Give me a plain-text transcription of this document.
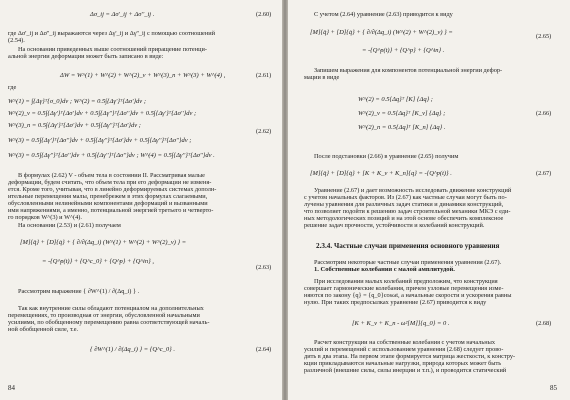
Δσ_ij = Δσ'_ij + Δσ''_ij .	(2.60)
где Δσ'_ij и Δσ''_ij выражаются через Δγ'_ij и Δγ''_ij с помощью соотношений
(2.54).
На основании приведенных выше соотношений приращение потенци-
альной энергии деформации может быть записано в виде:
ΔW = W^(1) + W^(2) + W^(2)_v + W^(3)_n + W^(3) + W^(4) ,	(2.61)
где
W^(1) = ∫{Δγ}ᵀ{σ_0}dv ; W^(2) = 0.5∫{Δγ'}ᵀ{Δσ'}dv ;
W^(2)_v = 0.5∫{Δγ'}ᵀ{Δσ'}dv + 0.5∫{Δγ''}ᵀ{Δσ''}dv + 0.5∫{Δγ'}ᵀ{Δσ''}dv ;
W^(3)_n = 0.5∫{Δγ'}ᵀ{Δσ'}dv + 0.5∫{Δγ''}ᵀ{Δσ'}dv ;
(2.62)
W^(3) = 0.5∫{Δγ'}ᵀ{Δσ''}dv + 0.5∫{Δγ''}ᵀ{Δσ'}dv + 0.5∫{Δγ''}ᵀ{Δσ''}dv ;
W^(3) = 0.5∫{Δγ''}ᵀ{Δσ''}dv + 0.5∫{Δγ''}ᵀ{Δσ''}dv ; W^(4) = 0.5∫{Δγ''}ᵀ{Δσ''}dv .
В формулах (2.62) V - объем тела в состоянии II. Рассматривая малые
деформации, будем считать, что объем тела при его деформации не изменя-
ется. Кроме того, учитывая, что в линейно деформируемых системах дополн-
ительные перемещения малы, пренебрежем в этих формулах слагаемыми,
обусловленными нелинейными компонентами деформаций и вызванными
ими напряжениями, а именно, потенциальной энергией третьего и четверто-
го порядков W^(3) и W^(4).
На основании (2.53) и (2.61) получаем
[M]{q̈} + [D]{q̇} + { ∂/∂(Δq_i) (W^(1) + W^(2) + W^(2)_v) } =
= -{Q^p(t)} + {Q^c_0} + {Q^p} + {Q^in} ,
(2.63)
Рассмотрим выражение { ∂W^(1) / ∂(Δq_i) } .
Так как внутренние силы обладают потенциалом на дополнительных
перемещениях, то производная от энергии, обусловленной начальными
усилиями, по обобщенному перемещению равна соответствующей началь-
ной обобщенной силе, т.е.
{ ∂W^(1) / ∂(Δq_i) } = {Q^c_0} .	(2.64)
84
С учетом (2.64) уравнение (2.63) приводится к виду
[M]{q̈} + [D]{q̇} + { ∂/∂(Δq_i) (W^(2) + W^(2)_v) } =
(2.65)
= -{Q^p(t)} + {Q^p} + {Q^in} .
Запишем выражения для компонентов потенциальной энергии дефор-
мации в виде
W^(2) = 0.5{Δq}ᵀ [K] {Δq} ;
W^(2)_v = 0.5{Δq}ᵀ [K_v] {Δq} ;	(2.66)
W^(2)_n = 0.5{Δq}ᵀ [K_n] {Δq} .
После подстановки (2.66) в уравнение (2.65) получим
[M]{q̈} + [D]{q̇} + [K + K_v + K_n]{q} = -{Q^p(t)} .	(2.67)
Уравнение (2.67) и дает возможность исследовать движение конструкций
с учетом начальных факторов. Из (2.67) как частные случаи могут быть по-
лучены уравнения для различных задач статики и динамики конструкций,
что позволяет подойти к решению задач строительной механики МКЭ с еди-
ных методологических позиций и на этой основе обеспечить комплексное
решение задач прочности, устойчивости и колебаний конструкций.
2.3.4. Частные случаи применения основного уравнения
Рассмотрим некоторые частные случаи применения уравнения (2.67).
1. Собственные колебания с малой амплитудой.
При исследовании малых колебаний предположим, что конструкция
совершает гармонические колебания, причем узловые перемещения изме-
няются по закону {q} = {q_0}cosωt, а начальные скорости и ускорения равны
нулю. При таких предпосылках уравнение (2.67) приводится к виду
[K + K_v + K_n - ω²[M]]{q_0} = 0 .	(2.68)
Расчет конструкции на собственные колебания с учетом начальных
усилий и перемещений с использованием уравнения (2.68) следует прово-
дить в два этапа. На первом этапе формируется матрица жесткости, к констру-
кции прикладываются начальные нагрузки, природа которых может быть
различной (внешние силы, силы инерции и т.п.), и проводится статический
85
